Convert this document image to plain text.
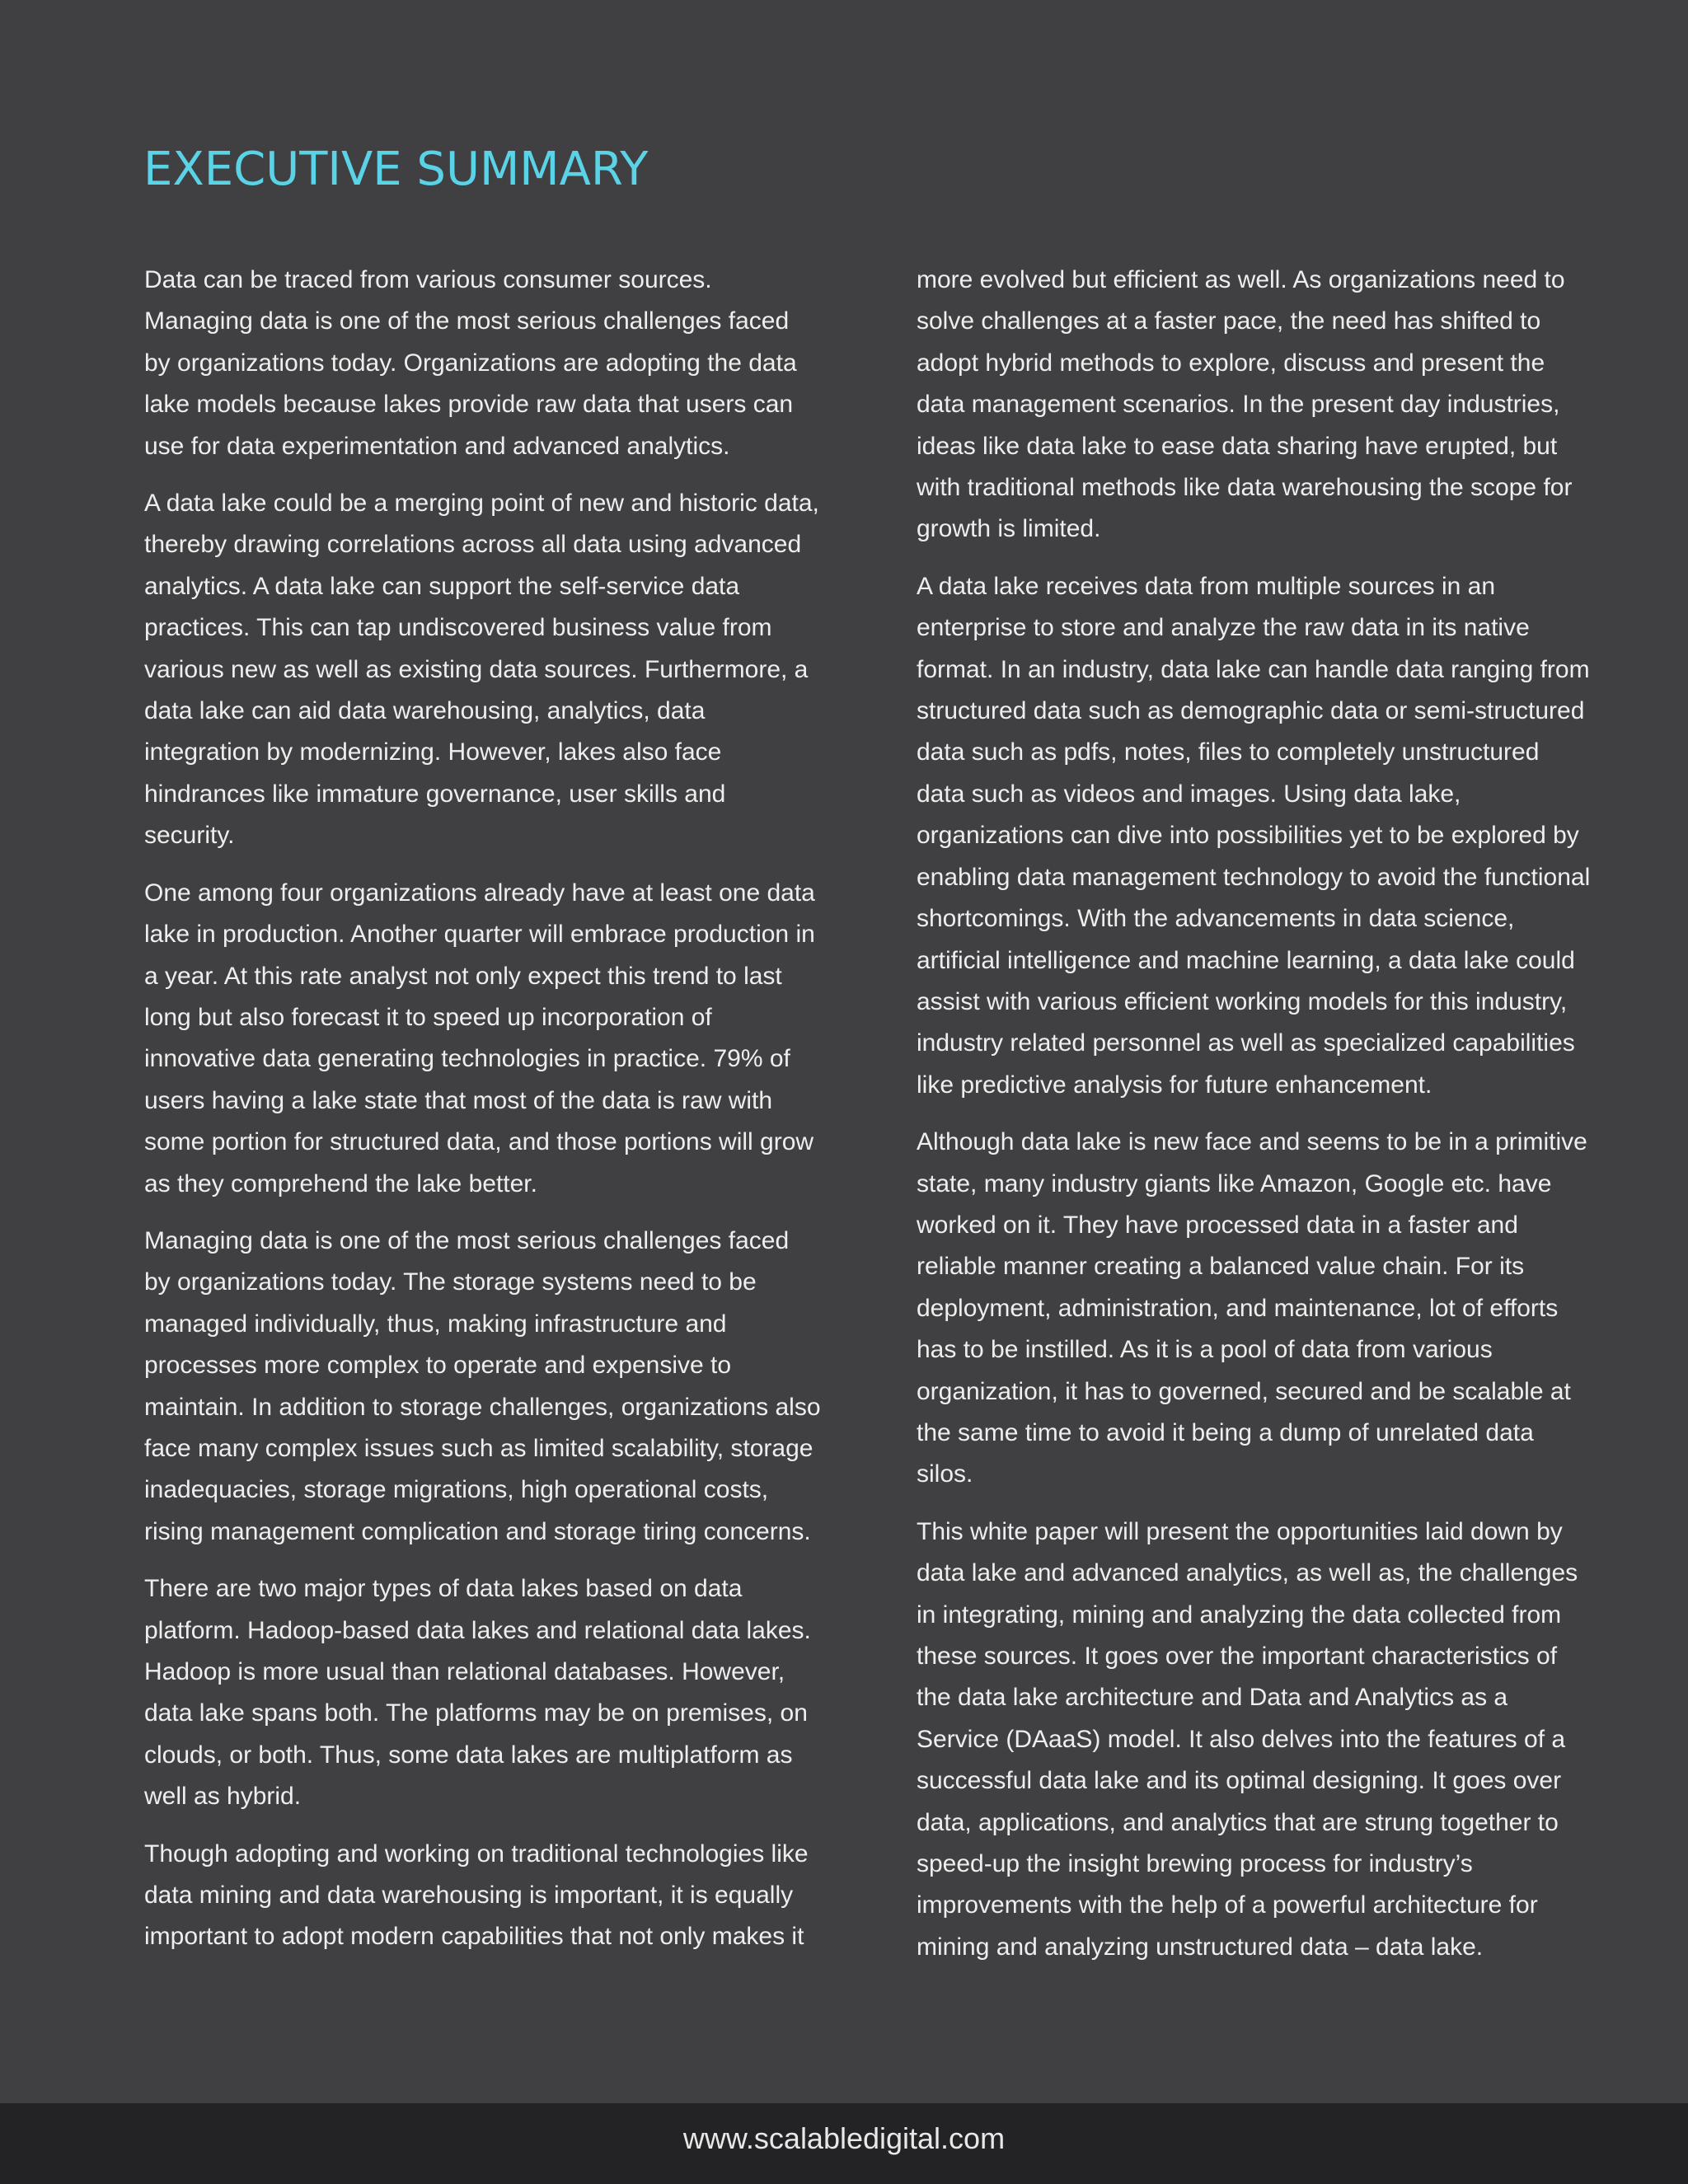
EXECUTIVE SUMMARY

Data can be traced from various consumer sources. Managing data is one of the most serious challenges faced by organizations today. Organizations are adopting the data lake models because lakes provide raw data that users can use for data experimentation and advanced analytics.

A data lake could be a merging point of new and historic data, thereby drawing correlations across all data using advanced analytics. A data lake can support the self-service data practices. This can tap undiscovered business value from various new as well as existing data sources. Furthermore, a data lake can aid data warehousing, analytics, data integration by modernizing. However, lakes also face hindrances like immature governance, user skills and security.

One among four organizations already have at least one data lake in production. Another quarter will embrace production in a year. At this rate analyst not only expect this trend to last long but also forecast it to speed up incorporation of innovative data generating technologies in practice. 79% of users having a lake state that most of the data is raw with some portion for structured data, and those portions will grow as they comprehend the lake better.

Managing data is one of the most serious challenges faced by organizations today. The storage systems need to be managed individually, thus, making infrastructure and processes more complex to operate and expensive to maintain. In addition to storage challenges, organizations also face many complex issues such as limited scalability, storage inadequacies, storage migrations, high operational costs, rising management complication and storage tiring concerns.

There are two major types of data lakes based on data platform. Hadoop-based data lakes and relational data lakes. Hadoop is more usual than relational databases. However, data lake spans both. The platforms may be on premises, on clouds, or both. Thus, some data lakes are multiplatform as well as hybrid.

Though adopting and working on traditional technologies like data mining and data warehousing is important, it is equally important to adopt modern capabilities that not only makes it

more evolved but efficient as well. As organizations need to solve challenges at a faster pace, the need has shifted to adopt hybrid methods to explore, discuss and present the data management scenarios. In the present day industries, ideas like data lake to ease data sharing have erupted, but with traditional methods like data warehousing the scope for growth is limited.

A data lake receives data from multiple sources in an enterprise to store and analyze the raw data in its native format. In an industry, data lake can handle data ranging from structured data such as demographic data or semi-structured data such as pdfs, notes, files to completely unstructured data such as videos and images. Using data lake, organizations can dive into possibilities yet to be explored by enabling data management technology to avoid the functional shortcomings. With the advancements in data science, artificial intelligence and machine learning, a data lake could assist with various efficient working models for this industry, industry related personnel as well as specialized capabilities like predictive analysis for future enhancement.

Although data lake is new face and seems to be in a primitive state, many industry giants like Amazon, Google etc. have worked on it. They have processed data in a faster and reliable manner creating a balanced value chain. For its deployment, administration, and maintenance, lot of efforts has to be instilled. As it is a pool of data from various organization, it has to governed, secured and be scalable at the same time to avoid it being a dump of unrelated data silos.

This white paper will present the opportunities laid down by data lake and advanced analytics, as well as, the challenges in integrating, mining and analyzing the data collected from these sources. It goes over the important characteristics of the data lake architecture and Data and Analytics as a Service (DAaaS) model. It also delves into the features of a successful data lake and its optimal designing. It goes over data, applications, and analytics that are strung together to speed-up the insight brewing process for industry’s improvements with the help of a powerful architecture for mining and analyzing unstructured data – data lake.

www.scalabledigital.com
